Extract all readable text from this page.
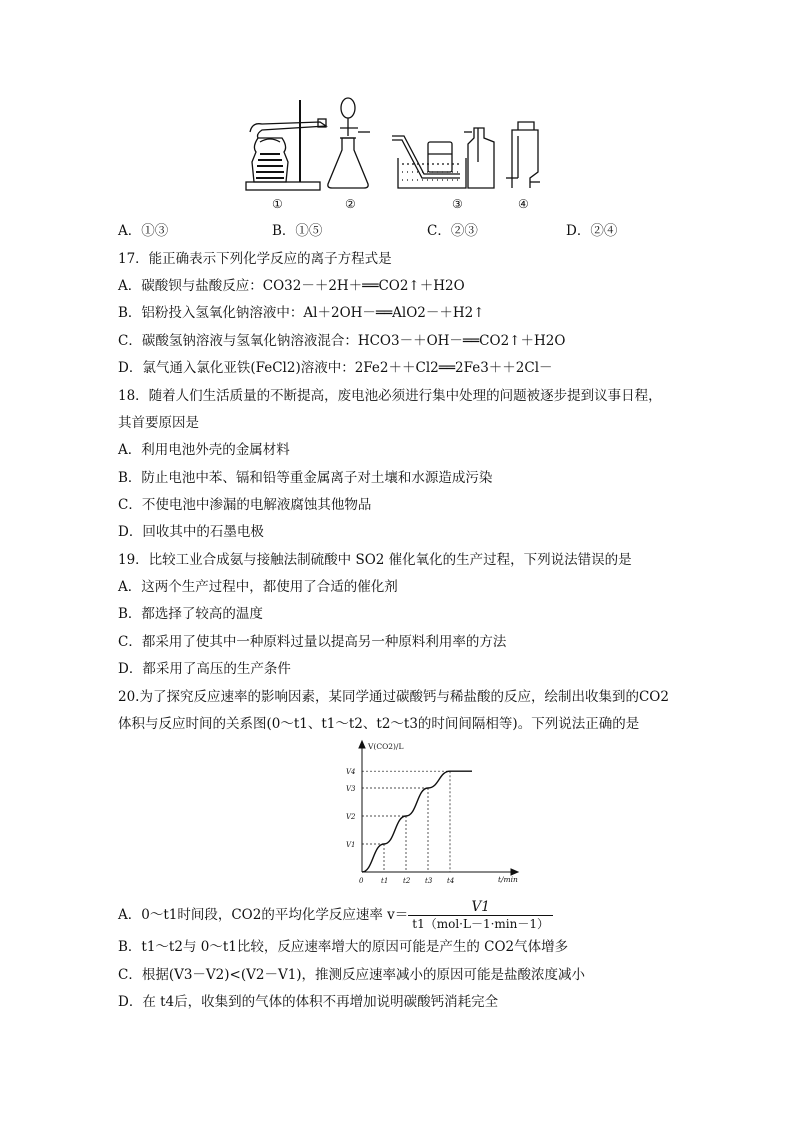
①	②	③	④
A．①③	B．①⑤	C．②③	D．②④
17．能正确表示下列化学反应的离子方程式是
A．碳酸钡与盐酸反应：CO32－＋2H＋══CO2↑＋H2O
B．铝粉投入氢氧化钠溶液中：Al＋2OH－══AlO2－＋H2↑
C．碳酸氢钠溶液与氢氧化钠溶液混合：HCO3－＋OH－══CO2↑＋H2O
D．氯气通入氯化亚铁(FeCl2)溶液中：2Fe2＋＋Cl2══2Fe3＋＋2Cl－
18．随着人们生活质量的不断提高，废电池必须进行集中处理的问题被逐步提到议事日程，
其首要原因是
A．利用电池外壳的金属材料
B．防止电池中苯、镉和铅等重金属离子对土壤和水源造成污染
C．不使电池中渗漏的电解液腐蚀其他物品
D．回收其中的石墨电极
19．比较工业合成氨与接触法制硫酸中 SO2 催化氧化的生产过程，下列说法错误的是
A．这两个生产过程中，都使用了合适的催化剂
B．都选择了较高的温度
C．都采用了使其中一种原料过量以提高另一种原料利用率的方法
D．都采用了高压的生产条件
20.为了探究反应速率的影响因素，某同学通过碳酸钙与稀盐酸的反应，绘制出收集到的CO2
体积与反应时间的关系图(0～t1、t1～t2、t2～t3的时间间隔相等)。下列说法正确的是
0	t1 t2 t3 t4
V1
V2
V3
V4
V(CO2)/L
t/min
A．0～t1时间段，CO2的平均化学反应速率 $v= \frac{V1}{\text{t1（mol·L－1·min－1）}}$
B．t1～t2与 0～t1比较，反应速率增大的原因可能是产生的 CO2气体增多
C．根据(V3－V2)<(V2－V1)，推测反应速率减小的原因可能是盐酸浓度减小
D．在 t4后，收集到的气体的体积不再增加说明碳酸钙消耗完全
